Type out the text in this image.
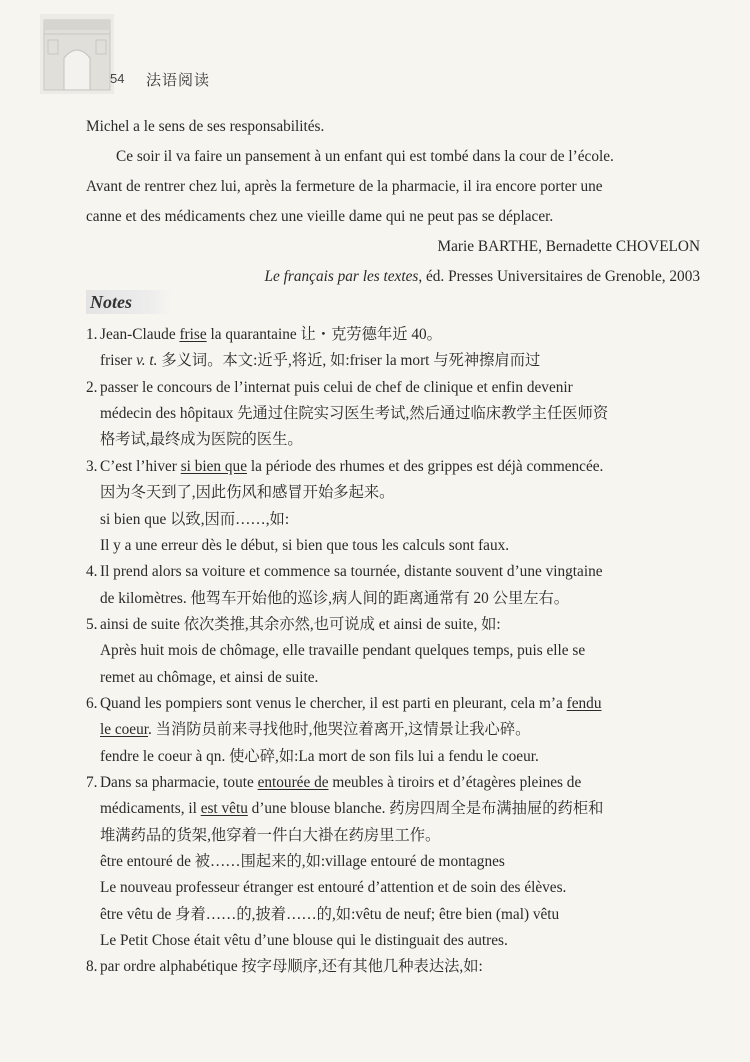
54 法语阅读
Michel a le sens de ses responsabilités.
Ce soir il va faire un pansement à un enfant qui est tombé dans la cour de l’école.
Avant de rentrer chez lui, après la fermeture de la pharmacie, il ira encore porter une
canne et des médicaments chez une vieille dame qui ne peut pas se déplacer.
Marie BARTHE, Bernadette CHOVELON
Le français par les textes, éd. Presses Universitaires de Grenoble, 2003
Notes
1. Jean-Claude frise la quarantaine 让・克劳德年近 40。
friser v. t. 多义词。本文:近乎,将近, 如:friser la mort 与死神擦肩而过
2. passer le concours de l’internat puis celui de chef de clinique et enfin devenir
médecin des hôpitaux 先通过住院实习医生考试,然后通过临床教学主任医师资
格考试,最终成为医院的医生。
3. C’est l’hiver si bien que la période des rhumes et des grippes est déjà commencée.
因为冬天到了,因此伤风和感冒开始多起来。
si bien que 以致,因而……,如:
Il y a une erreur dès le début, si bien que tous les calculs sont faux.
4. Il prend alors sa voiture et commence sa tournée, distante souvent d’une vingtaine
de kilomètres. 他驾车开始他的巡诊,病人间的距离通常有 20 公里左右。
5. ainsi de suite 依次类推,其余亦然,也可说成 et ainsi de suite, 如:
Après huit mois de chômage, elle travaille pendant quelques temps, puis elle se
remet au chômage, et ainsi de suite.
6. Quand les pompiers sont venus le chercher, il est parti en pleurant, cela m’a fendu
le coeur. 当消防员前来寻找他时,他哭泣着离开,这情景让我心碎。
fendre le coeur à qn. 使心碎,如:La mort de son fils lui a fendu le coeur.
7. Dans sa pharmacie, toute entourée de meubles à tiroirs et d’étagères pleines de
médicaments, il est vêtu d’une blouse blanche. 药房四周全是布满抽屉的药柜和
堆满药品的货架,他穿着一件白大褂在药房里工作。
être entouré de 被……围起来的,如:village entouré de montagnes
Le nouveau professeur étranger est entouré d’attention et de soin des élèves.
être vêtu de 身着……的,披着……的,如:vêtu de neuf; être bien (mal) vêtu
Le Petit Chose était vêtu d’une blouse qui le distinguait des autres.
8. par ordre alphabétique 按字母顺序,还有其他几种表达法,如:
